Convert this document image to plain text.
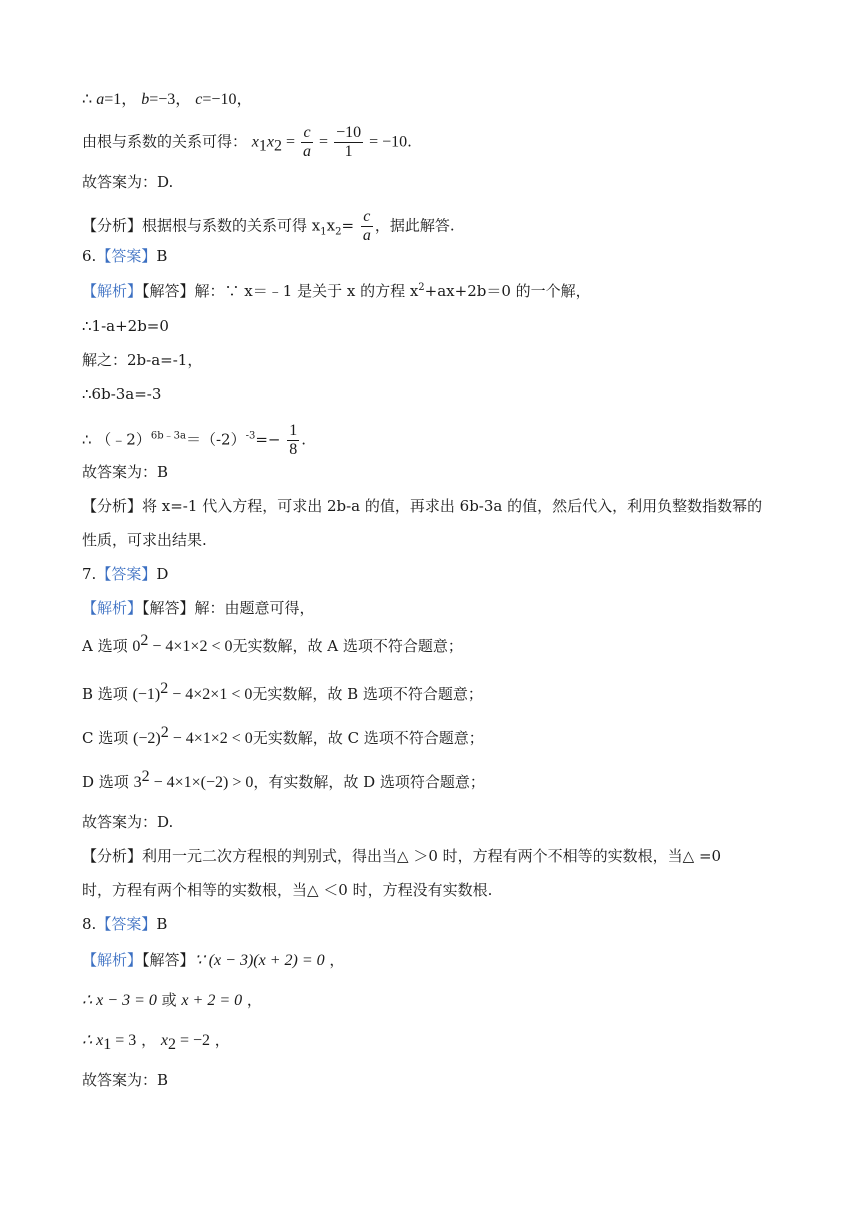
∴ a=1， b=−3， c=−10，
由根与系数的关系可得： $x_1x_2 = \frac{c}{a} = \frac{-10}{1} = -10$.
故答案为：D.
【分析】根据根与系数的关系可得 $x_1x_2= \frac{c}{a}$ ，据此解答.
6.【答案】B
【解析】【解答】解：∵ x＝﹣1 是关于 x 的方程 $x^2+ax+2b=0$ 的一个解，
∴1-a+2b=0
解之：2b-a=-1，
∴6b-3a=-3
∴ $(﹣2)^{6b﹣3a}=(-2)^{-3}=- \frac{1}{8}$ .
故答案为：B
【分析】将 x=-1 代入方程，可求出 2b-a 的值，再求出 6b-3a 的值，然后代入，利用负整数指数幂的
性质，可求出结果.
7.【答案】D
【解析】【解答】解：由题意可得，
A 选项 $0^2 - 4\times 1\times 2 < 0$无实数解，故 A 选项不符合题意；
B 选项 $(-1)^2 - 4\times 2\times 1 < 0$无实数解，故 B 选项不符合题意；
C 选项 $(-2)^2 - 4\times 1\times 2 < 0$无实数解，故 C 选项不符合题意；
D 选项 $3^2 - 4\times 1\times(-2) > 0$，有实数解，故 D 选项符合题意；
故答案为：D.
【分析】利用一元二次方程根的判别式，得出当△ ＞0 时，方程有两个不相等的实数根，当△ =0
时，方程有两个相等的实数根，当△ ＜0 时，方程没有实数根.
8.【答案】B
【解析】【解答】∵ (x − 3)(x + 2) = 0 ，
∴ x − 3 = 0 或 x + 2 = 0 ，
∴ $x_1 = 3$ ， $x_2 = -2$ ，
故答案为：B
